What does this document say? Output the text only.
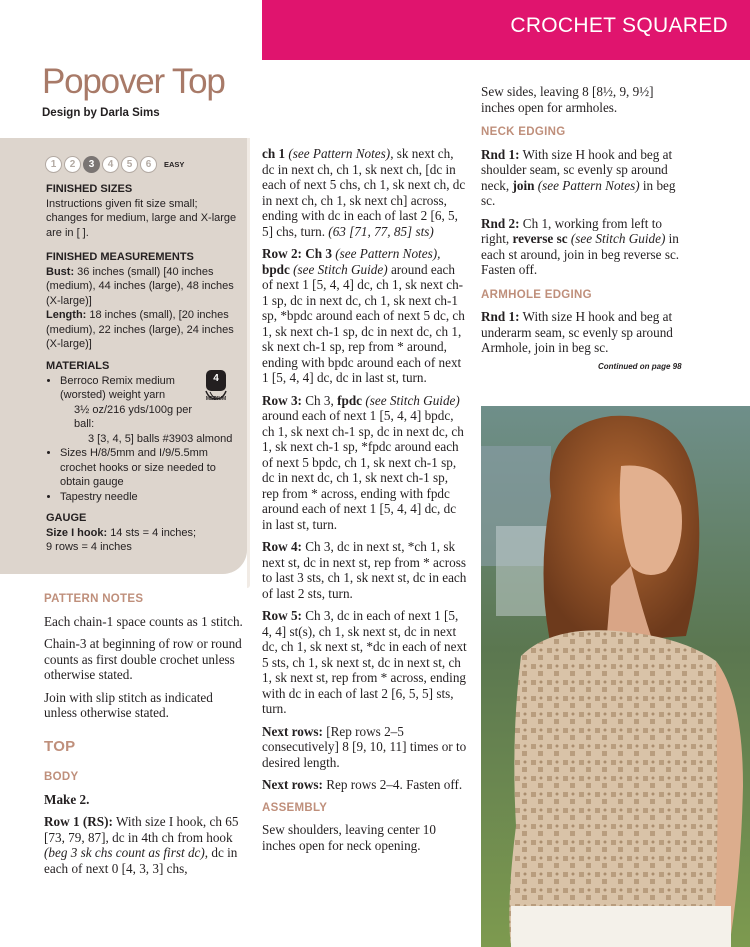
CROCHET SQUARED
Popover Top
Design by Darla Sims
1	2	3	4	5	6	EASY
FINISHED SIZES

Instructions given fit size small; changes for medium, large and X-large are in [ ].

FINISHED MEASUREMENTS

Bust: 36 inches (small) [40 inches (medium), 44 inches (large), 48 inches (X-large)]

Length: 18 inches (small), [20 inches (medium), 22 inches (large), 24 inches (X-large)]

MATERIALS
• Berroco Remix medium (worsted) weight yarn
3½ oz/216 yds/100g per ball:
3 [3, 4, 5] balls #3903 almond
• Sizes H/8/5mm and I/9/5.5mm crochet hooks or size needed to obtain gauge
• Tapestry needle
4
MEDIUM
GAUGE

Size I hook: 14 sts = 4 inches;

9 rows = 4 inches

PATTERN NOTES

Each chain-1 space counts as 1 stitch.

Chain-3 at beginning of row or round counts as first double crochet unless otherwise stated.

Join with slip stitch as indicated unless otherwise stated.

TOP
BODY

Make 2.

Row 1 (RS): With size I hook, ch 65 [73, 79, 87], dc in 4th ch from hook (beg 3 sk chs count as first dc), dc in each of next 0 [4, 3, 3] chs,

ch 1 (see Pattern Notes), sk next ch, dc in next ch, ch 1, sk next ch, [dc in each of next 5 chs, ch 1, sk next ch, dc in next ch, ch 1, sk next ch] across, ending with dc in each of last 2 [6, 5, 5] chs, turn. (63 [71, 77, 85] sts)

Row 2: Ch 3 (see Pattern Notes), bpdc (see Stitch Guide) around each of next 1 [5, 4, 4] dc, ch 1, sk next ch-1 sp, dc in next dc, ch 1, sk next ch-1 sp, *bpdc around each of next 5 dc, ch 1, sk next ch-1 sp, dc in next dc, ch 1, sk next ch-1 sp, rep from * around, ending with bpdc around each of next 1 [5, 4, 4] dc, dc in last st, turn.

Row 3: Ch 3, fpdc (see Stitch Guide) around each of next 1 [5, 4, 4] bpdc, ch 1, sk next ch-1 sp, dc in next dc, ch 1, sk next ch-1 sp, *fpdc around each of next 5 bpdc, ch 1, sk next ch-1 sp, dc in next dc, ch 1, sk next ch-1 sp, rep from * across, ending with fpdc around each of next 1 [5, 4, 4] dc, dc in last st, turn.

Row 4: Ch 3, dc in next st, *ch 1, sk next st, dc in next st, rep from * across to last 3 sts, ch 1, sk next st, dc in each of last 2 sts, turn.

Row 5: Ch 3, dc in each of next 1 [5, 4, 4] st(s), ch 1, sk next st, dc in next dc, ch 1, sk next st, *dc in each of next 5 sts, ch 1, sk next st, dc in next st, ch 1, sk next st, rep from * across, ending with dc in each of last 2 [6, 5, 5] sts, turn.

Next rows: [Rep rows 2–5 consecutively] 8 [9, 10, 11] times or to desired length.

Next rows: Rep rows 2–4. Fasten off.

ASSEMBLY

Sew shoulders, leaving center 10 inches open for neck opening.

Sew sides, leaving 8 [8½, 9, 9½] inches open for armholes.

NECK EDGING

Rnd 1: With size H hook and beg at shoulder seam, sc evenly sp around neck, join (see Pattern Notes) in beg sc.

Rnd 2: Ch 1, working from left to right, reverse sc (see Stitch Guide) in each st around, join in beg reverse sc. Fasten off.

ARMHOLE EDGING

Rnd 1: With size H hook and beg at underarm seam, sc evenly sp around Armhole, join in beg sc.

Continued on page 98
